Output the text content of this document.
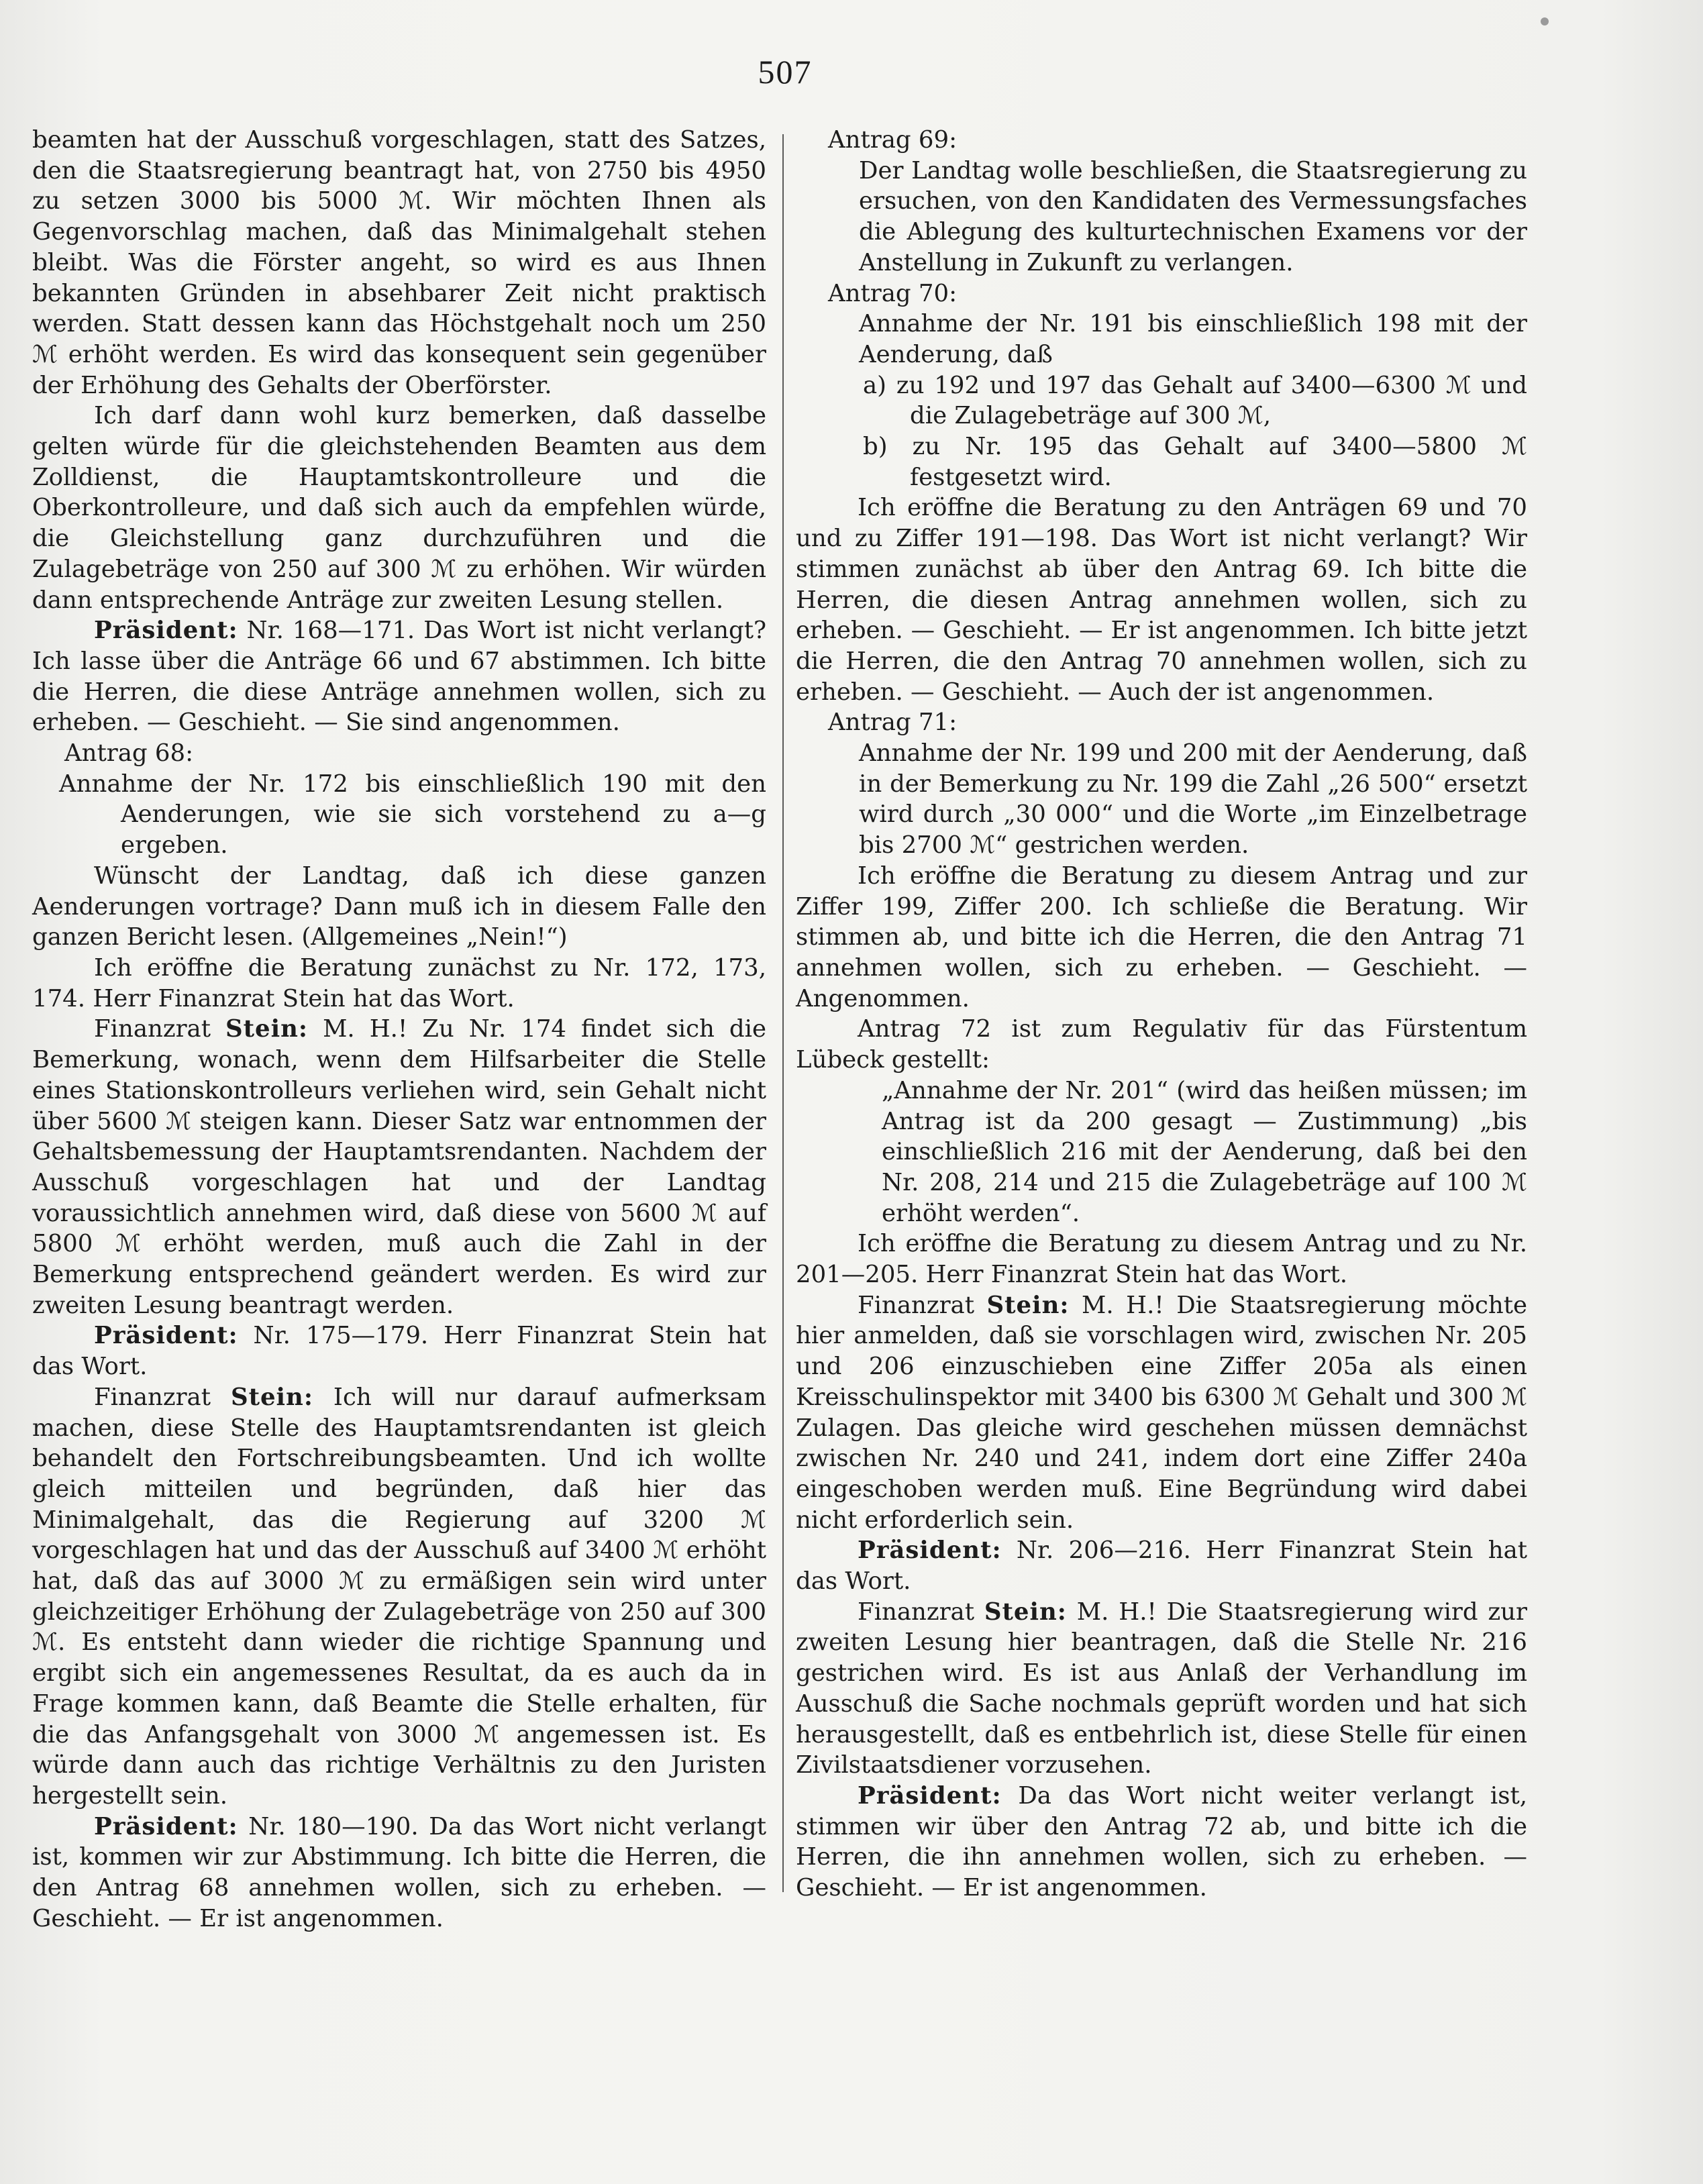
507

beamten hat der Ausschuß vorgeschlagen, statt des Satzes, den die Staatsregierung beantragt hat, von 2750 bis 4950 zu setzen 3000 bis 5000 ℳ. Wir möchten Ihnen als Gegenvorschlag machen, daß das Minimalgehalt stehen bleibt. Was die Förster angeht, so wird es aus Ihnen bekannten Gründen in absehbarer Zeit nicht praktisch werden. Statt dessen kann das Höchstgehalt noch um 250 ℳ erhöht werden. Es wird das konsequent sein gegenüber der Erhöhung des Gehalts der Oberförster.

Ich darf dann wohl kurz bemerken, daß dasselbe gelten würde für die gleichstehenden Beamten aus dem Zolldienst, die Hauptamtskontrolleure und die Oberkontrolleure, und daß sich auch da empfehlen würde, die Gleichstellung ganz durchzuführen und die Zulagebeträge von 250 auf 300 ℳ zu erhöhen. Wir würden dann entsprechende Anträge zur zweiten Lesung stellen.

Präsident: Nr. 168—171. Das Wort ist nicht verlangt? Ich lasse über die Anträge 66 und 67 abstimmen. Ich bitte die Herren, die diese Anträge annehmen wollen, sich zu erheben. — Geschieht. — Sie sind angenommen.

Antrag 68:

Annahme der Nr. 172 bis einschließlich 190 mit den Aenderungen, wie sie sich vorstehend zu a—g ergeben.

Wünscht der Landtag, daß ich diese ganzen Aenderungen vortrage? Dann muß ich in diesem Falle den ganzen Bericht lesen. (Allgemeines „Nein!“)

Ich eröffne die Beratung zunächst zu Nr. 172, 173, 174. Herr Finanzrat Stein hat das Wort.

Finanzrat Stein: M. H.! Zu Nr. 174 findet sich die Bemerkung, wonach, wenn dem Hilfsarbeiter die Stelle eines Stationskontrolleurs verliehen wird, sein Gehalt nicht über 5600 ℳ steigen kann. Dieser Satz war entnommen der Gehaltsbemessung der Hauptamtsrendanten. Nachdem der Ausschuß vorgeschlagen hat und der Landtag voraussichtlich annehmen wird, daß diese von 5600 ℳ auf 5800 ℳ erhöht werden, muß auch die Zahl in der Bemerkung entsprechend geändert werden. Es wird zur zweiten Lesung beantragt werden.

Präsident: Nr. 175—179. Herr Finanzrat Stein hat das Wort.

Finanzrat Stein: Ich will nur darauf aufmerksam machen, diese Stelle des Hauptamtsrendanten ist gleich behandelt den Fortschreibungsbeamten. Und ich wollte gleich mitteilen und begründen, daß hier das Minimalgehalt, das die Regierung auf 3200 ℳ vorgeschlagen hat und das der Ausschuß auf 3400 ℳ erhöht hat, daß das auf 3000 ℳ zu ermäßigen sein wird unter gleichzeitiger Erhöhung der Zulagebeträge von 250 auf 300 ℳ. Es entsteht dann wieder die richtige Spannung und ergibt sich ein angemessenes Resultat, da es auch da in Frage kommen kann, daß Beamte die Stelle erhalten, für die das Anfangsgehalt von 3000 ℳ angemessen ist. Es würde dann auch das richtige Verhältnis zu den Juristen hergestellt sein.

Präsident: Nr. 180—190. Da das Wort nicht verlangt ist, kommen wir zur Abstimmung. Ich bitte die Herren, die den Antrag 68 annehmen wollen, sich zu erheben. — Geschieht. — Er ist angenommen.

Antrag 69:

Der Landtag wolle beschließen, die Staatsregierung zu ersuchen, von den Kandidaten des Vermessungsfaches die Ablegung des kulturtechnischen Examens vor der Anstellung in Zukunft zu verlangen.

Antrag 70:

Annahme der Nr. 191 bis einschließlich 198 mit der Aenderung, daß

a) zu 192 und 197 das Gehalt auf 3400—6300 ℳ und die Zulagebeträge auf 300 ℳ,

b) zu Nr. 195 das Gehalt auf 3400—5800 ℳ festgesetzt wird.

Ich eröffne die Beratung zu den Anträgen 69 und 70 und zu Ziffer 191—198. Das Wort ist nicht verlangt? Wir stimmen zunächst ab über den Antrag 69. Ich bitte die Herren, die diesen Antrag annehmen wollen, sich zu erheben. — Geschieht. — Er ist angenommen. Ich bitte jetzt die Herren, die den Antrag 70 annehmen wollen, sich zu erheben. — Geschieht. — Auch der ist angenommen.

Antrag 71:

Annahme der Nr. 199 und 200 mit der Aenderung, daß in der Bemerkung zu Nr. 199 die Zahl „26 500“ ersetzt wird durch „30 000“ und die Worte „im Einzelbetrage bis 2700 ℳ“ gestrichen werden.

Ich eröffne die Beratung zu diesem Antrag und zur Ziffer 199, Ziffer 200. Ich schließe die Beratung. Wir stimmen ab, und bitte ich die Herren, die den Antrag 71 annehmen wollen, sich zu erheben. — Geschieht. — Angenommen.

Antrag 72 ist zum Regulativ für das Fürstentum Lübeck gestellt:

„Annahme der Nr. 201“ (wird das heißen müssen; im Antrag ist da 200 gesagt — Zustimmung) „bis einschließlich 216 mit der Aenderung, daß bei den Nr. 208, 214 und 215 die Zulagebeträge auf 100 ℳ erhöht werden“.

Ich eröffne die Beratung zu diesem Antrag und zu Nr. 201—205. Herr Finanzrat Stein hat das Wort.

Finanzrat Stein: M. H.! Die Staatsregierung möchte hier anmelden, daß sie vorschlagen wird, zwischen Nr. 205 und 206 einzuschieben eine Ziffer 205a als einen Kreisschulinspektor mit 3400 bis 6300 ℳ Gehalt und 300 ℳ Zulagen. Das gleiche wird geschehen müssen demnächst zwischen Nr. 240 und 241, indem dort eine Ziffer 240a eingeschoben werden muß. Eine Begründung wird dabei nicht erforderlich sein.

Präsident: Nr. 206—216. Herr Finanzrat Stein hat das Wort.

Finanzrat Stein: M. H.! Die Staatsregierung wird zur zweiten Lesung hier beantragen, daß die Stelle Nr. 216 gestrichen wird. Es ist aus Anlaß der Verhandlung im Ausschuß die Sache nochmals geprüft worden und hat sich herausgestellt, daß es entbehrlich ist, diese Stelle für einen Zivilstaatsdiener vorzusehen.

Präsident: Da das Wort nicht weiter verlangt ist, stimmen wir über den Antrag 72 ab, und bitte ich die Herren, die ihn annehmen wollen, sich zu erheben. — Geschieht. — Er ist angenommen.
